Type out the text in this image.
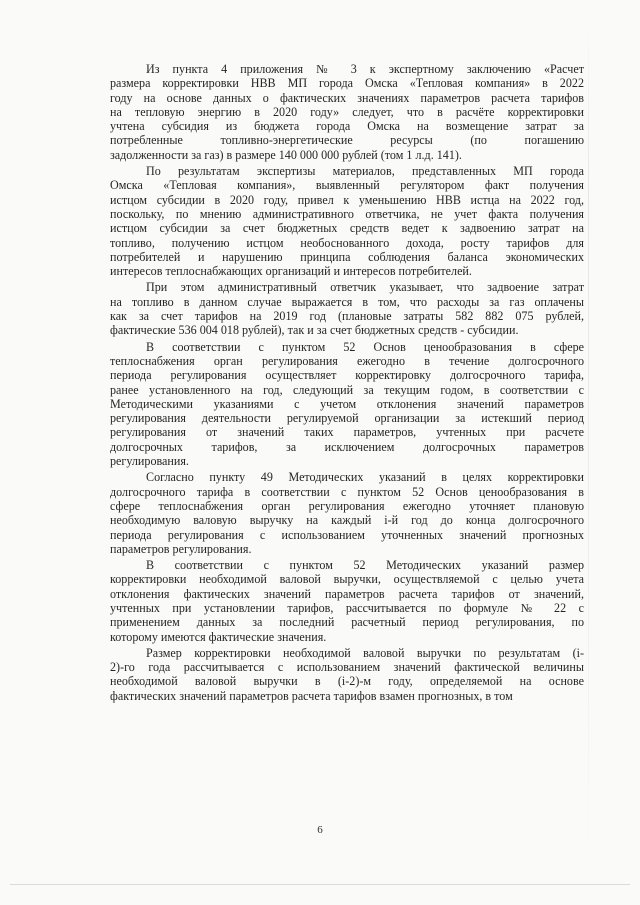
Из пункта 4 приложения № 3 к экспертному заключению «Расчет
размера корректировки НВВ МП города Омска «Тепловая компания» в 2022
году на основе данных о фактических значениях параметров расчета тарифов
на тепловую энергию в 2020 году» следует, что в расчёте корректировки
учтена субсидия из бюджета города Омска на возмещение затрат за
потребленные топливно-энергетические ресурсы (по погашению
задолженности за газ) в размере 140 000 000 рублей (том 1 л.д. 141).
По результатам экспертизы материалов, представленных МП города
Омска «Тепловая компания», выявленный регулятором факт получения
истцом субсидии в 2020 году, привел к уменьшению НВВ истца на 2022 год,
поскольку, по мнению административного ответчика, не учет факта получения
истцом субсидии за счет бюджетных средств ведет к задвоению затрат на
топливо, получению истцом необоснованного дохода, росту тарифов для
потребителей и нарушению принципа соблюдения баланса экономических
интересов теплоснабжающих организаций и интересов потребителей.
При этом административный ответчик указывает, что задвоение затрат
на топливо в данном случае выражается в том, что расходы за газ оплачены
как за счет тарифов на 2019 год (плановые затраты 582 882 075 рублей,
фактические 536 004 018 рублей), так и за счет бюджетных средств - субсидии.
В соответствии с пунктом 52 Основ ценообразования в сфере
теплоснабжения орган регулирования ежегодно в течение долгосрочного
периода регулирования осуществляет корректировку долгосрочного тарифа,
ранее установленного на год, следующий за текущим годом, в соответствии с
Методическими указаниями с учетом отклонения значений параметров
регулирования деятельности регулируемой организации за истекший период
регулирования от значений таких параметров, учтенных при расчете
долгосрочных тарифов, за исключением долгосрочных параметров
регулирования.
Согласно пункту 49 Методических указаний в целях корректировки
долгосрочного тарифа в соответствии с пунктом 52 Основ ценообразования в
сфере теплоснабжения орган регулирования ежегодно уточняет плановую
необходимую валовую выручку на каждый i-й год до конца долгосрочного
периода регулирования с использованием уточненных значений прогнозных
параметров регулирования.
В соответствии с пунктом 52 Методических указаний размер
корректировки необходимой валовой выручки, осуществляемой с целью учета
отклонения фактических значений параметров расчета тарифов от значений,
учтенных при установлении тарифов, рассчитывается по формуле № 22 с
применением данных за последний расчетный период регулирования, по
которому имеются фактические значения.
Размер корректировки необходимой валовой выручки по результатам (i-
2)-го года рассчитывается с использованием значений фактической величины
необходимой валовой выручки в (i-2)-м году, определяемой на основе
фактических значений параметров расчета тарифов взамен прогнозных, в том
6
